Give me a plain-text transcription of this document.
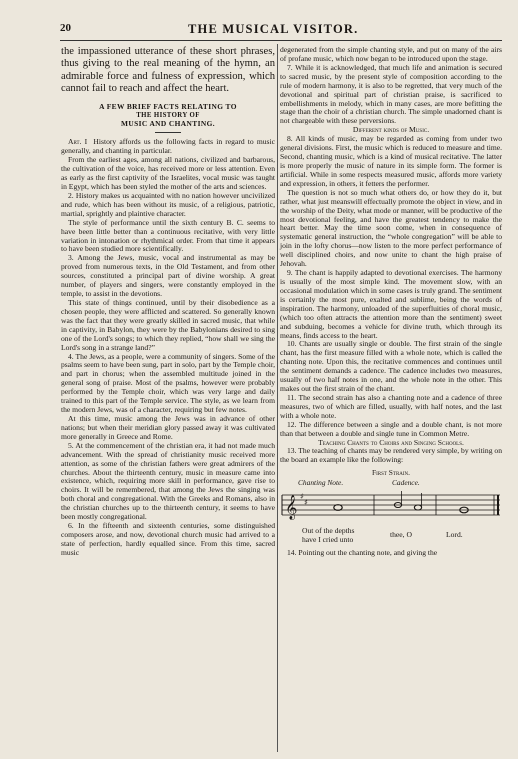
20	THE MUSICAL VISITOR.

the impassioned utterance of these short phrases, thus giving to the real meaning of the hymn, an admirable force and fulness of expression, which cannot fail to reach and affect the heart.

A FEW BRIEF FACTS RELATING TO
THE HISTORY OF
MUSIC AND CHANTING.

Art. I History affords us the following facts in regard to music generally, and chanting in particular.

From the earliest ages, among all nations, civilized and barbarous, the cultivation of the voice, has received more or less attention. Even as early as the first captivity of the Israelites, vocal music was taught in Egypt, which has been styled the mother of the arts and sciences.

2. History makes us acquainted with no nation however uncivilized and rude, which has been without its music, of a religious, patriotic, martial, sprightly and plaintive character.

The style of performance until the sixth century B. C. seems to have been little better than a continuous recitative, with very little variation in intonation or rhythmical order. From that time it appears to have been studied more scientifically.

3. Among the Jews, music, vocal and instrumental as may be proved from numerous texts, in the Old Testament, and from other sources, constituted a principal part of divine worship. A great number, of players and singers, were constantly employed in the temple, to assist in the devotions.

This state of things continued, until by their disobedience as a chosen people, they were afflicted and scattered. So generally known was the fact that they were greatly skilled in sacred music, that while in captivity, in Babylon, they were by the Babylonians desired to sing one of the Lord's songs; to which they replied, “how shall we sing the Lord's song in a strange land?”

4. The Jews, as a people, were a community of singers. Some of the psalms seem to have been sung, part in solo, part by the Temple choir, and part in chorus; when the assembled multitude joined in the general song of praise. Most of the psalms, however were probably performed by the Temple choir, which was very large and daily trained to this part of the Temple service. The style, as we learn from the modern Jews, was of a character, requiring but few notes.

At this time, music among the Jews was in advance of other nations; but when their meridian glory passed away it was cultivated more generally in Greece and Rome.

5. At the commencement of the christian era, it had not made much advancement. With the spread of christianity music received more attention, as some of the christian fathers were great admirers of the churches. About the thirteenth century, music in measure came into existence, which, requiring more skill in performance, gave rise to choirs. It will be remembered, that among the Jews the singing was both choral and congregational. With the Greeks and Romans, also in the christian churches up to the thirteenth century, it seems to have been mostly congregational.

6. In the fifteenth and sixteenth centuries, some distinguished composers arose, and now, devotional church music had arrived to a state of perfection, hardly equalled since. From this time, sacred music

degenerated from the simple chanting style, and put on many of the airs of profane music, which now began to be introduced upon the stage.

7. While it is acknowledged, that much life and animation is secured to sacred music, by the present style of composition according to the rule of modern harmony, it is also to be regretted, that very much of the devotional and spiritual part of christian praise, is sacrificed to embellishments in melody, which in many cases, are more befitting the stage than the choir of a christian church. The simple unadorned chant is not chargeable with these perversions.

Different kinds of Music.

8. All kinds of music, may be regarded as coming from under two general divisions. First, the music which is reduced to measure and time. Second, chanting music, which is a kind of musical recitative. The latter is more properly the music of nature in its simple form. The former is artificial. While in some respects measured music, affords more variety and expression, in others, it fetters the performer.

The question is not so much what others do, or how they do it, but rather, what just meanswill effectually promote the object in view, and in the worship of the Deity, what mode or manner, will be productive of the most devotional feeling, and have the greatest tendency to make the heart better. May the time soon come, when in consequence of systematic general instruction, the “whole congregation” will be able to join in the lofty chorus—now listen to the more perfect performance of well disciplined choirs, and now unite to chant the high praise of Jehovah.

9. The chant is happily adapted to devotional exercises. The harmony is usually of the most simple kind. The movement slow, with an occasional modulation which in some cases is truly grand. The sentiment is certainly the most pure, exalted and sublime, being the words of inspiration. The harmony, unloaded of the superfluities of choral music, (which too often attracts the attention more than the sentiment) sweet and subduing, becomes a vehicle for divine truth, which through its means, finds access to the heart.

10. Chants are usually single or double. The first strain of the single chant, has the first measure filled with a whole note, which is called the chanting note. Upon this, the recitative commences and continues until the sentiment demands a cadence. The cadence includes two measures, usually of two half notes in one, and the whole note in the other. This makes out the first strain of the chant.

11. The second strain has also a chanting note and a cadence of three measures, two of which are filled, usually, with half notes, and the last with a whole note.

12. The difference between a single and a double chant, is not more than that between a double and single tune in Common Metre.

Teaching Chants to Choirs and Singing Schools.

13. The teaching of chants may be rendered very simple, by writing on the board an example like the following:

First Strain.
Chanting Note.	Cadence.
𝄞 ♯
♯
Out of the depths
have I cried unto
thee, O	Lord.
14. Pointing out the chanting note, and giving the
